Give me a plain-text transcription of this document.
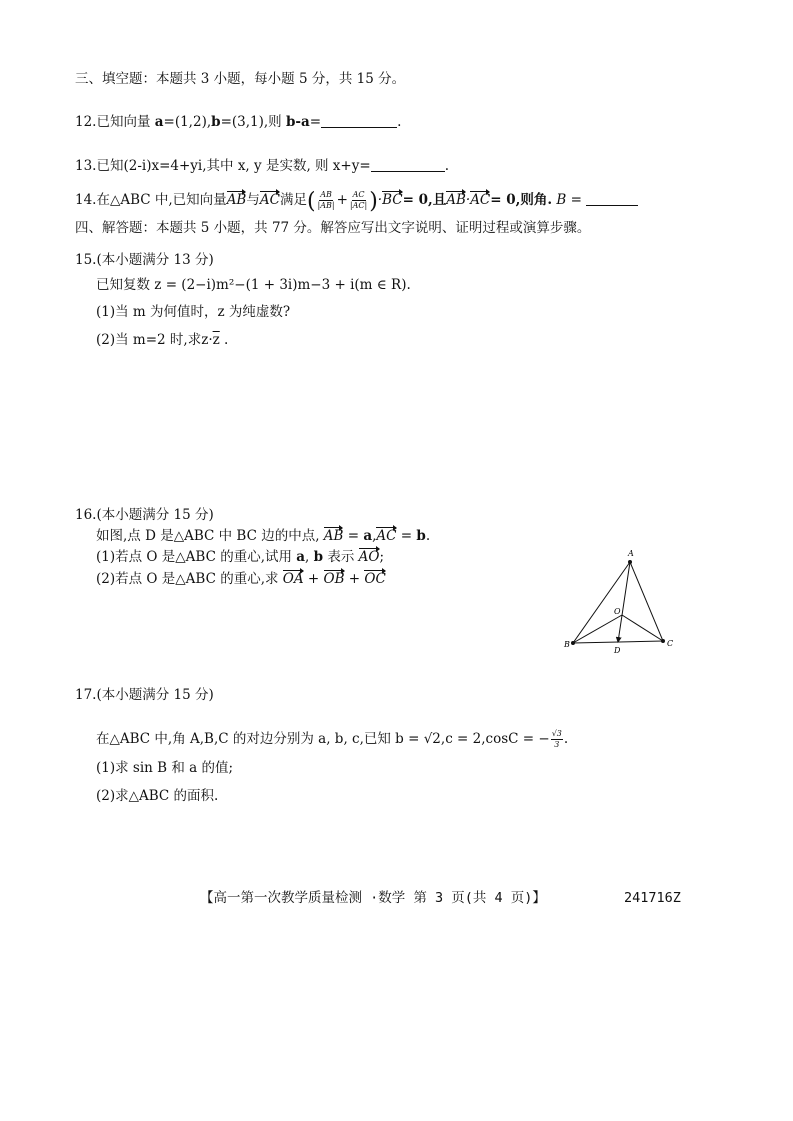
三、填空题：本题共 3 小题，每小题 5 分，共 15 分。
12.已知向量 a=(1,2),b=(3,1),则 b-a=	.
13.已知(2-i)x=4+yi,其中 x, y 是实数, 则 x+y=	.
14.在△ABC 中,已知向量AB与AC满足( $\frac{AB}{|AB|} + \frac{AC}{|AC|} )\cdot BC= 0$,且AB·AC= 0,则角. B =
四、解答题：本题共 5 小题，共 77 分。解答应写出文字说明、证明过程或演算步骤。
15.(本小题满分 13 分)
已知复数 z = (2−i)m²−(1 + 3i)m−3 + i(m ∈ R).
(1)当 m 为何值时，z 为纯虚数?
(2)当 m=2 时,求$z\cdot\overline{z}$ .
16.(本小题满分 15 分)
如图,点 D 是△ABC 中 BC 边的中点, AB = a,AC = b.
(1)若点 O 是△ABC 的重心,试用 a, b 表示 AO;
(2)若点 O 是△ABC 的重心,求 OA + OB + OC
A
B	C
D
O
17.(本小题满分 15 分)
在△ABC 中,角 A,B,C 的对边分别为 a, b, c,已知 b = √2,c = 2,cosC = − $\frac{√3}{3}$ .
(1)求 sin B 和 a 的值;
(2)求△ABC 的面积.
【高一第一次教学质量检测 ·数学 第 3 页(共 4 页)】	241716Z
